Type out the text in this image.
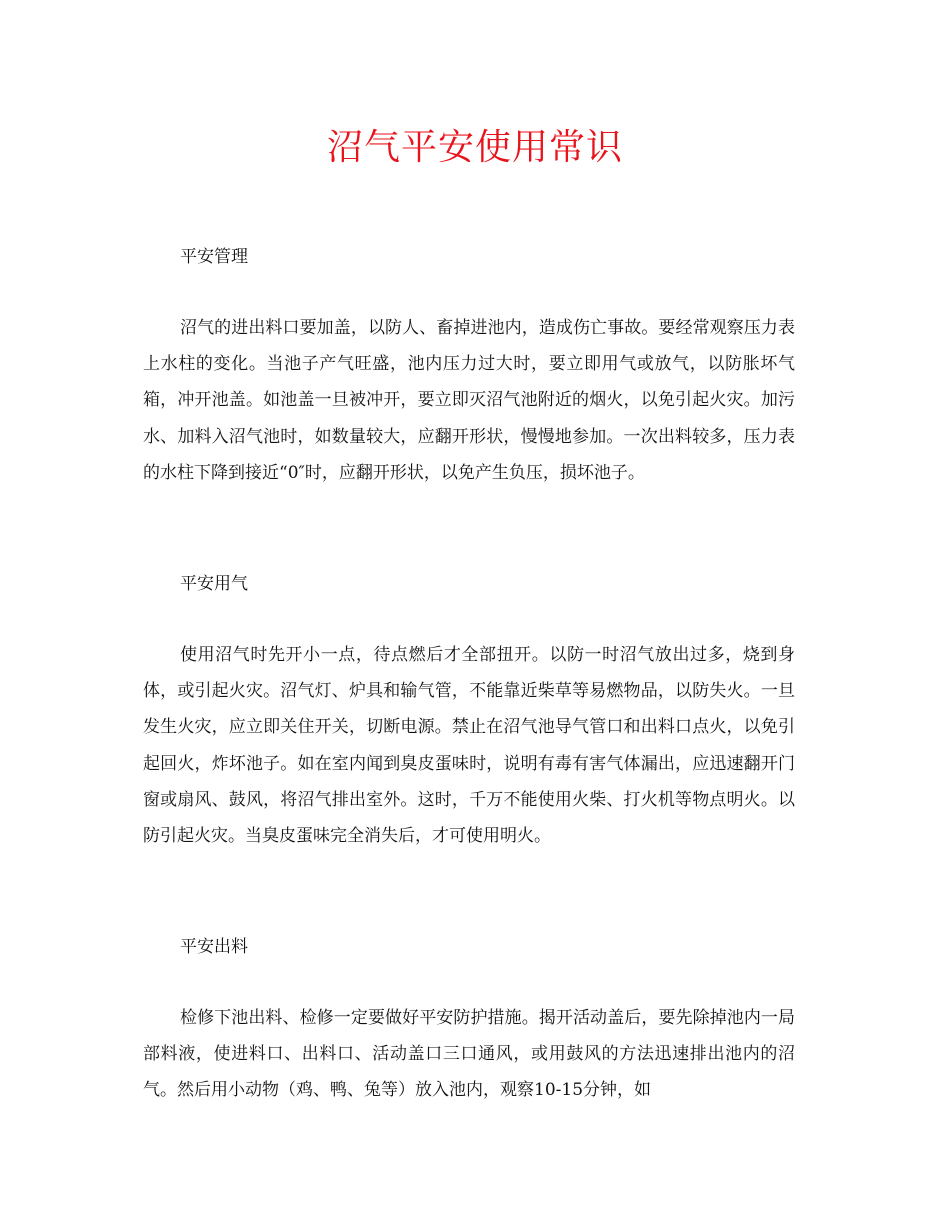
沼气平安使用常识
平安管理

沼气的进出料口要加盖，以防人、畜掉进池内，造成伤亡事故。要经常观察压力表上水柱的变化。当池子产气旺盛，池内压力过大时，要立即用气或放气，以防胀坏气箱，冲开池盖。如池盖一旦被冲开，要立即灭沼气池附近的烟火，以免引起火灾。加污水、加料入沼气池时，如数量较大，应翻开形状，慢慢地参加。一次出料较多，压力表的水柱下降到接近“0″时，应翻开形状，以免产生负压，损坏池子。

平安用气

使用沼气时先开小一点，待点燃后才全部扭开。以防一时沼气放出过多，烧到身体，或引起火灾。沼气灯、炉具和输气管，不能靠近柴草等易燃物品，以防失火。一旦发生火灾，应立即关住开关，切断电源。禁止在沼气池导气管口和出料口点火，以免引起回火，炸坏池子。如在室内闻到臭皮蛋味时，说明有毒有害气体漏出，应迅速翻开门窗或扇风、鼓风，将沼气排出室外。这时，千万不能使用火柴、打火机等物点明火。以防引起火灾。当臭皮蛋味完全消失后，才可使用明火。

平安出料

检修下池出料、检修一定要做好平安防护措施。揭开活动盖后，要先除掉池内一局部料液，使进料口、出料口、活动盖口三口通风，或用鼓风的方法迅速排出池内的沼气。然后用小动物（鸡、鸭、兔等）放入池内，观察10-15分钟，如
